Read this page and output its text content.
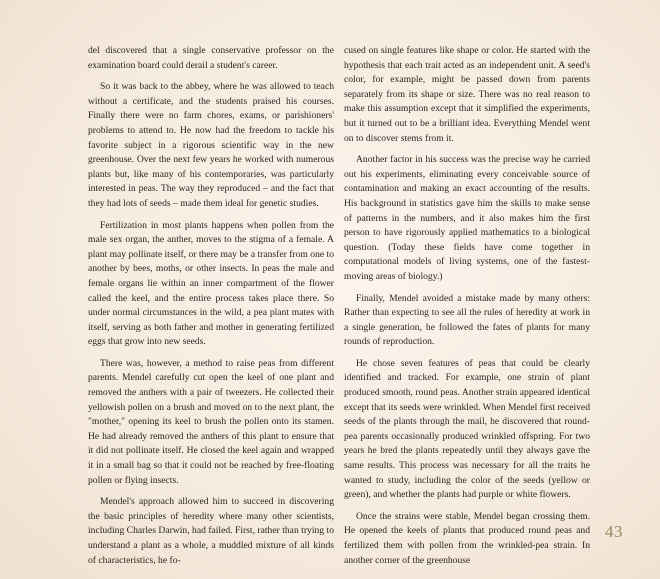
del discovered that a single conservative professor on the examination board could derail a student's career.

So it was back to the abbey, where he was allowed to teach without a certificate, and the students praised his courses. Finally there were no farm chores, exams, or parishioners' problems to attend to. He now had the freedom to tackle his favorite subject in a rigorous scientific way in the new greenhouse. Over the next few years he worked with numerous plants but, like many of his contemporaries, was particularly interested in peas. The way they reproduced – and the fact that they had lots of seeds – made them ideal for genetic studies.

Fertilization in most plants happens when pollen from the male sex organ, the anther, moves to the stigma of a female. A plant may pollinate itself, or there may be a transfer from one to another by bees, moths, or other insects. In peas the male and female organs lie within an inner compartment of the flower called the keel, and the entire process takes place there. So under normal circumstances in the wild, a pea plant mates with itself, serving as both father and mother in generating fertilized eggs that grow into new seeds.

There was, however, a method to raise peas from different parents. Mendel carefully cut open the keel of one plant and removed the anthers with a pair of tweezers. He collected their yellowish pollen on a brush and moved on to the next plant, the "mother," opening its keel to brush the pollen onto its stamen. He had already removed the anthers of this plant to ensure that it did not pollinate itself. He closed the keel again and wrapped it in a small bag so that it could not be reached by free-floating pollen or flying insects.

Mendel's approach allowed him to succeed in discovering the basic principles of heredity where many other scientists, including Charles Darwin, had failed. First, rather than trying to understand a plant as a whole, a muddled mixture of all kinds of characteristics, he fo-

cused on single features like shape or color. He started with the hypothesis that each trait acted as an independent unit. A seed's color, for example, might be passed down from parents separately from its shape or size. There was no real reason to make this assumption except that it simplified the experiments, but it turned out to be a brilliant idea. Everything Mendel went on to discover stems from it.

Another factor in his success was the precise way he carried out his experiments, eliminating every conceivable source of contamination and making an exact accounting of the results. His background in statistics gave him the skills to make sense of patterns in the numbers, and it also makes him the first person to have rigorously applied mathematics to a biological question. (Today these fields have come together in computational models of living systems, one of the fastest-moving areas of biology.)

Finally, Mendel avoided a mistake made by many others: Rather than expecting to see all the rules of heredity at work in a single generation, he followed the fates of plants for many rounds of reproduction.

He chose seven features of peas that could be clearly identified and tracked. For example, one strain of plant produced smooth, round peas. Another strain appeared identical except that its seeds were wrinkled. When Mendel first received seeds of the plants through the mail, he discovered that round-pea parents occasionally produced wrinkled offspring. For two years he bred the plants repeatedly until they always gave the same results. This process was necessary for all the traits he wanted to study, including the color of the seeds (yellow or green), and whether the plants had purple or white flowers.

Once the strains were stable, Mendel began crossing them. He opened the keels of plants that produced round peas and fertilized them with pollen from the wrinkled-pea strain. In another corner of the greenhouse

43
